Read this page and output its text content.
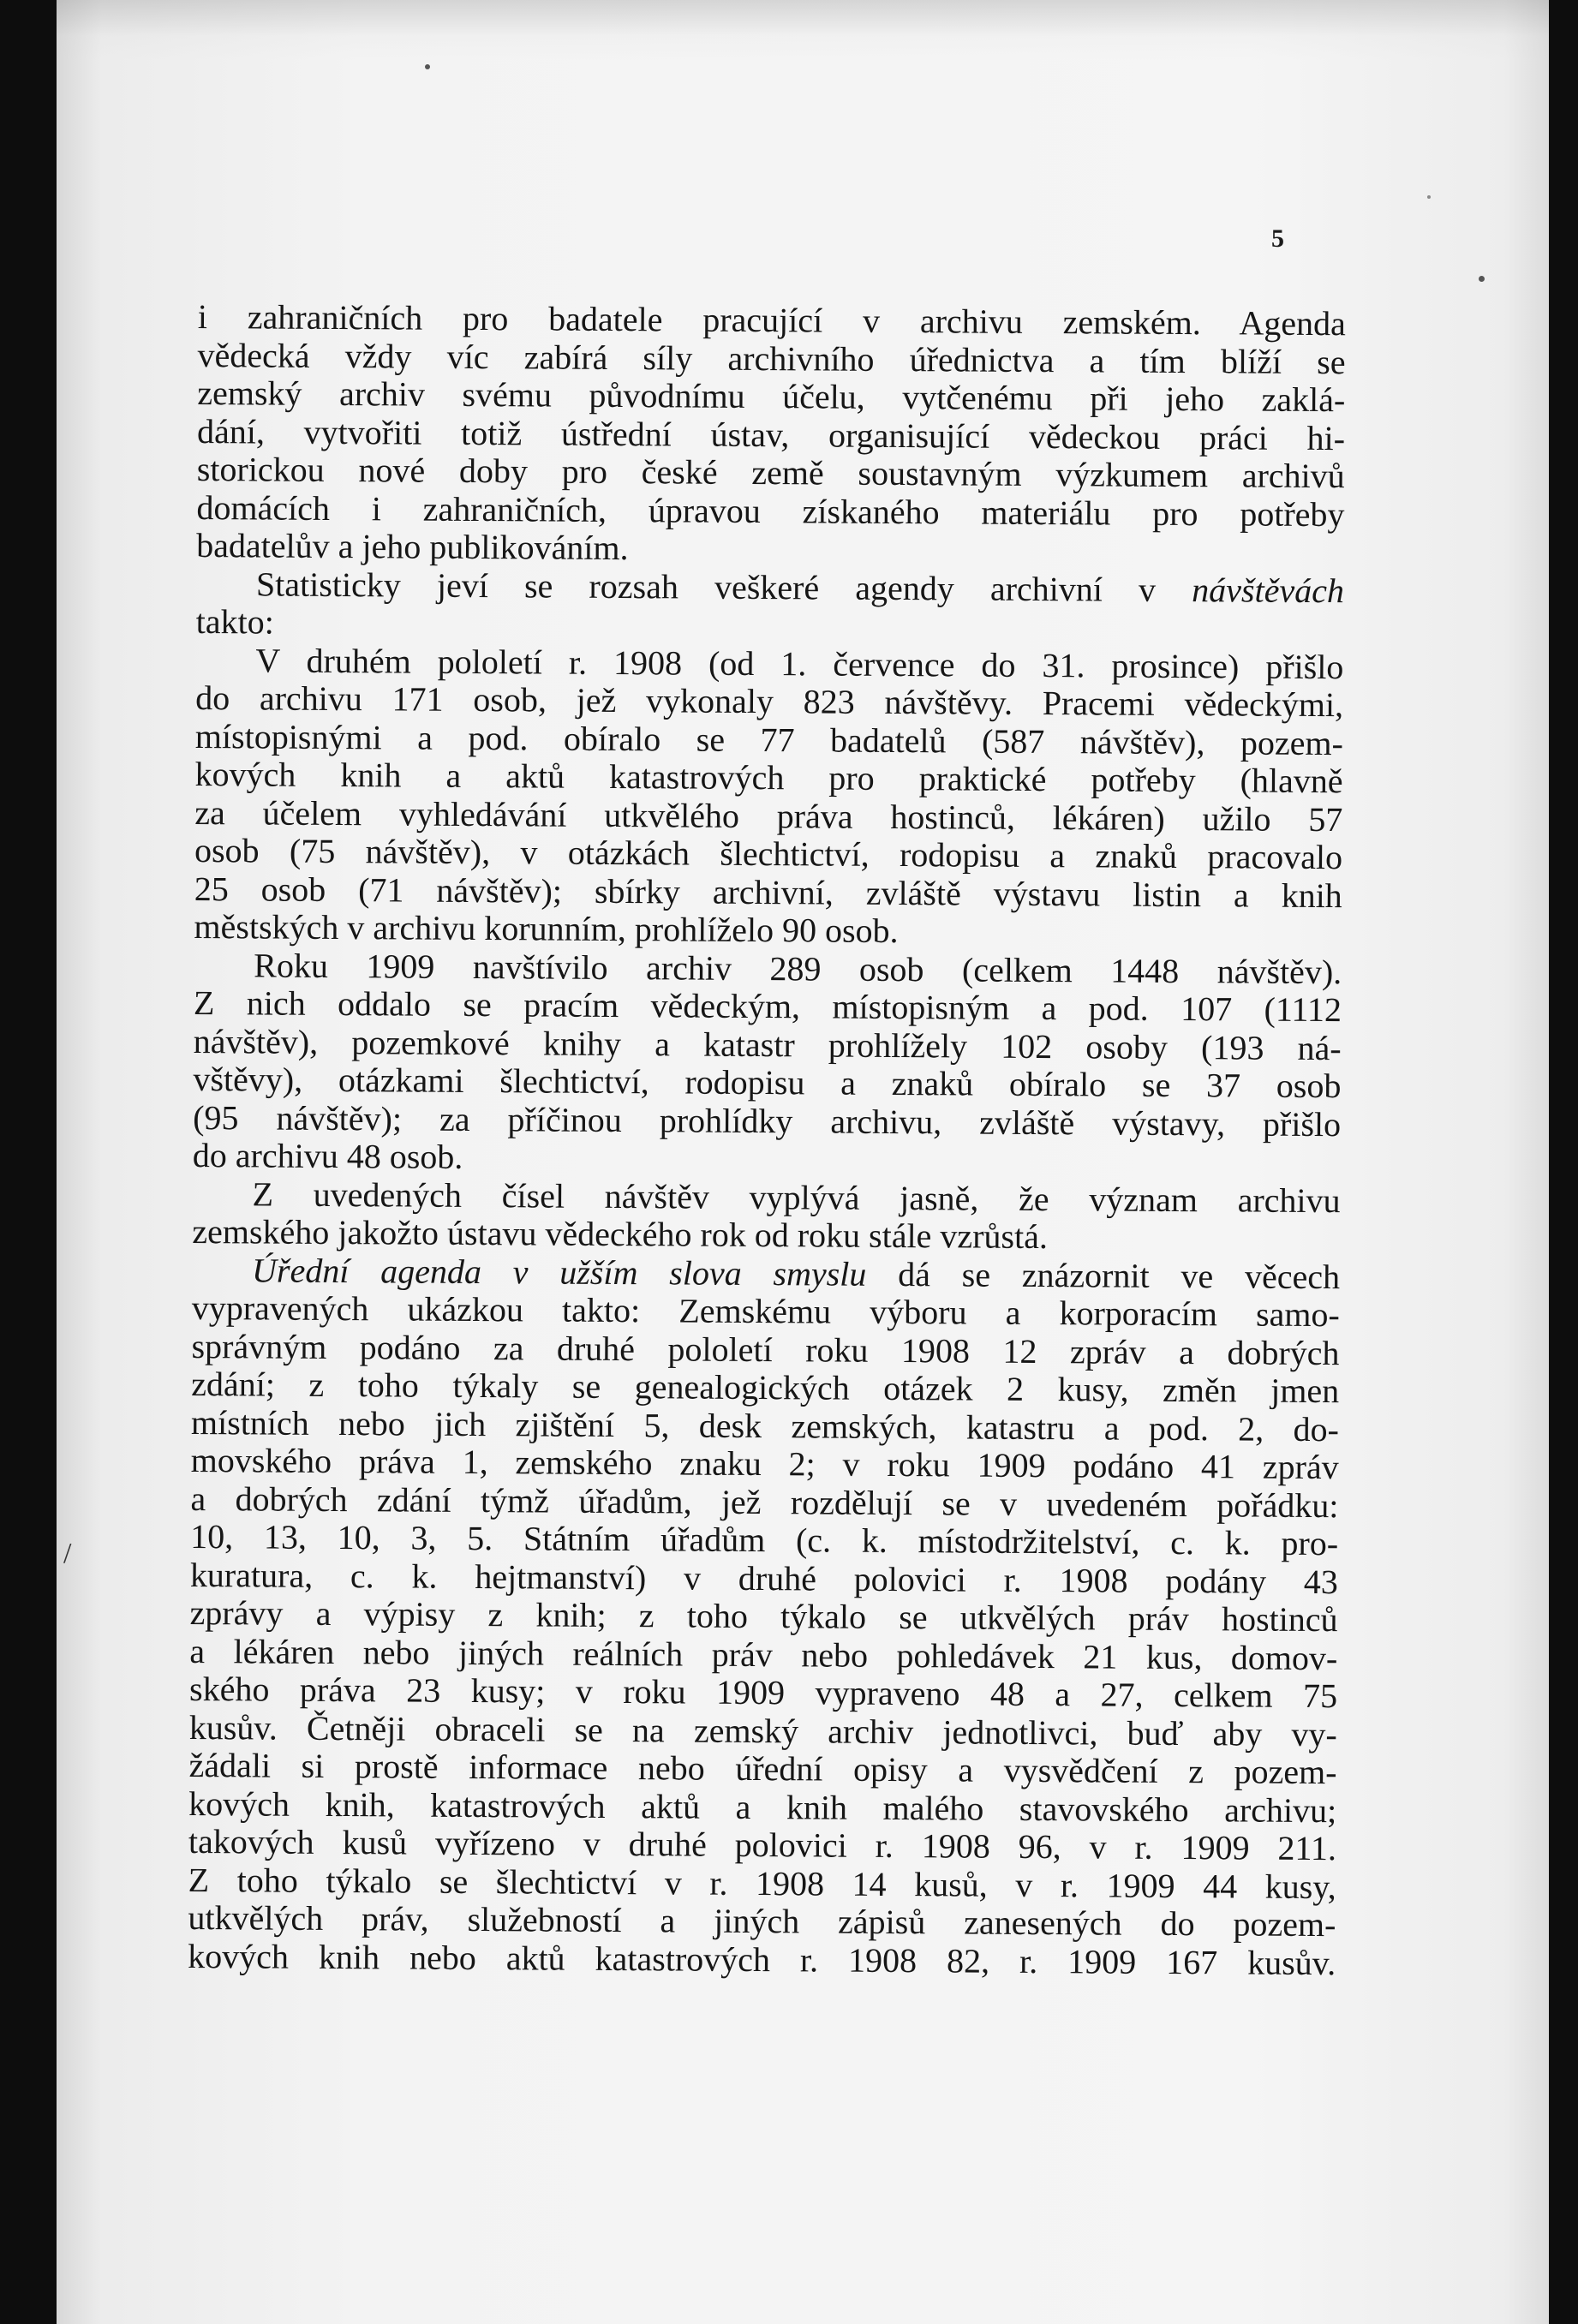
5
i zahraničních pro badatele pracující v archivu zemském. Agenda
vědecká vždy víc zabírá síly archivního úřednictva a tím blíží se
zemský archiv svému původnímu účelu, vytčenému při jeho zaklá-
dání, vytvořiti totiž ústřední ústav, organisující vědeckou práci hi-
storickou nové doby pro české země soustavným výzkumem archivů
domácích i zahraničních, úpravou získaného materiálu pro potřeby
badatelův a jeho publikováním.
Statisticky jeví se rozsah veškeré agendy archivní v návštěvách
takto:
V druhém pololetí r. 1908 (od 1. července do 31. prosince) přišlo
do archivu 171 osob, jež vykonaly 823 návštěvy. Pracemi vědeckými,
místopisnými a pod. obíralo se 77 badatelů (587 návštěv), pozem-
kových knih a aktů katastrových pro praktické potřeby (hlavně
za účelem vyhledávání utkvělého práva hostinců, lékáren) užilo 57
osob (75 návštěv), v otázkách šlechtictví, rodopisu a znaků pracovalo
25 osob (71 návštěv); sbírky archivní, zvláště výstavu listin a knih
městských v archivu korunním, prohlíželo 90 osob.
Roku 1909 navštívilo archiv 289 osob (celkem 1448 návštěv).
Z nich oddalo se pracím vědeckým, místopisným a pod. 107 (1112
návštěv), pozemkové knihy a katastr prohlížely 102 osoby (193 ná-
vštěvy), otázkami šlechtictví, rodopisu a znaků obíralo se 37 osob
(95 návštěv); za příčinou prohlídky archivu, zvláště výstavy, přišlo
do archivu 48 osob.
Z uvedených čísel návštěv vyplývá jasně, že význam archivu
zemského jakožto ústavu vědeckého rok od roku stále vzrůstá.
Úřední agenda v užším slova smyslu dá se znázornit ve věcech
vypravených ukázkou takto: Zemskému výboru a korporacím samo-
správným podáno za druhé pololetí roku 1908 12 zpráv a dobrých
zdání; z toho týkaly se genealogických otázek 2 kusy, změn jmen
místních nebo jich zjištění 5, desk zemských, katastru a pod. 2, do-
movského práva 1, zemského znaku 2; v roku 1909 podáno 41 zpráv
a dobrých zdání týmž úřadům, jež rozdělují se v uvedeném pořádku:
10, 13, 10, 3, 5. Státním úřadům (c. k. místodržitelství, c. k. pro-
kuratura, c. k. hejtmanství) v druhé polovici r. 1908 podány 43
zprávy a výpisy z knih; z toho týkalo se utkvělých práv hostinců
a lékáren nebo jiných reálních práv nebo pohledávek 21 kus, domov-
ského práva 23 kusy; v roku 1909 vypraveno 48 a 27, celkem 75
kusův. Četněji obraceli se na zemský archiv jednotlivci, buď aby vy-
žádali si prostě informace nebo úřední opisy a vysvědčení z pozem-
kových knih, katastrových aktů a knih malého stavovského archivu;
takových kusů vyřízeno v druhé polovici r. 1908 96, v r. 1909 211.
Z toho týkalo se šlechtictví v r. 1908 14 kusů, v r. 1909 44 kusy,
utkvělých práv, služebností a jiných zápisů zanesených do pozem-
kových knih nebo aktů katastrových r. 1908 82, r. 1909 167 kusův.
/
